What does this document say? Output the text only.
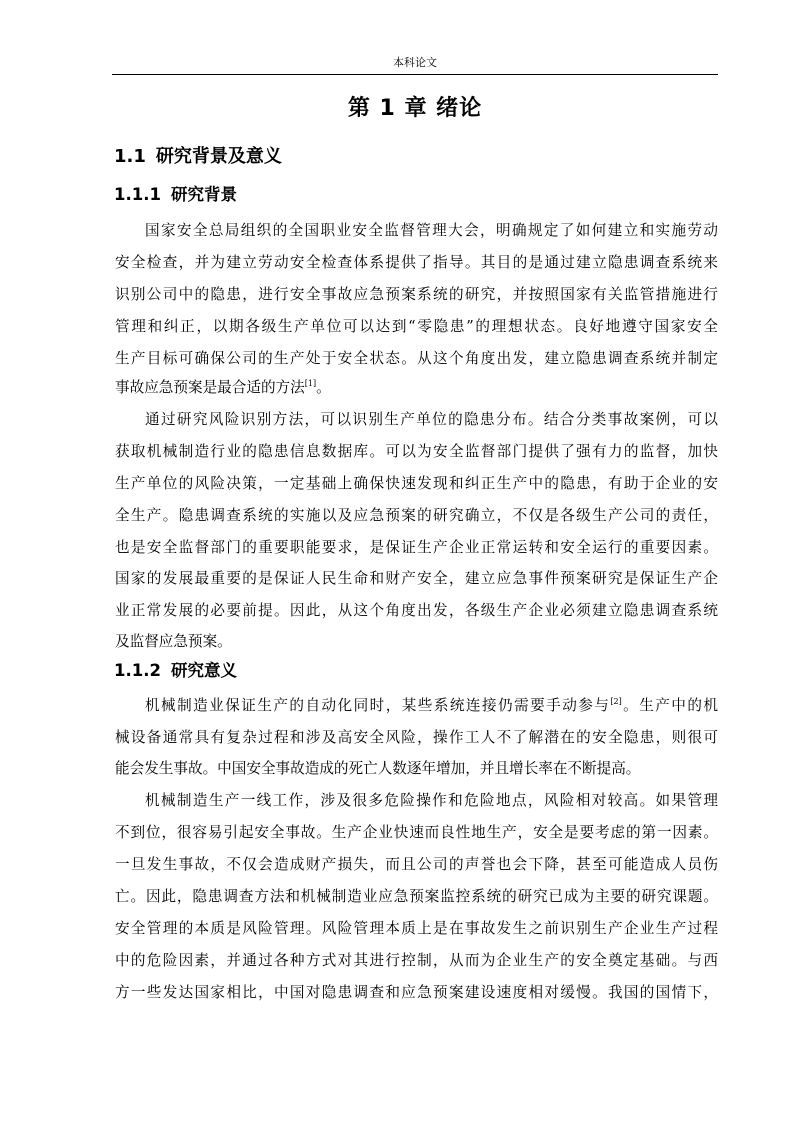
本科论文
第 1 章 绪论
1.1 研究背景及意义
1.1.1 研究背景
国家安全总局组织的全国职业安全监督管理大会，明确规定了如何建立和实施劳动
安全检查，并为建立劳动安全检查体系提供了指导。其目的是通过建立隐患调查系统来
识别公司中的隐患，进行安全事故应急预案系统的研究，并按照国家有关监管措施进行
管理和纠正，以期各级生产单位可以达到“零隐患”的理想状态。良好地遵守国家安全
生产目标可确保公司的生产处于安全状态。从这个角度出发，建立隐患调查系统并制定
事故应急预案是最合适的方法[1]。
通过研究风险识别方法，可以识别生产单位的隐患分布。结合分类事故案例，可以
获取机械制造行业的隐患信息数据库。可以为安全监督部门提供了强有力的监督，加快
生产单位的风险决策，一定基础上确保快速发现和纠正生产中的隐患，有助于企业的安
全生产。隐患调查系统的实施以及应急预案的研究确立，不仅是各级生产公司的责任，
也是安全监督部门的重要职能要求，是保证生产企业正常运转和安全运行的重要因素。
国家的发展最重要的是保证人民生命和财产安全，建立应急事件预案研究是保证生产企
业正常发展的必要前提。因此，从这个角度出发，各级生产企业必须建立隐患调查系统
及监督应急预案。
1.1.2 研究意义
机械制造业保证生产的自动化同时，某些系统连接仍需要手动参与[2]。生产中的机
械设备通常具有复杂过程和涉及高安全风险，操作工人不了解潜在的安全隐患，则很可
能会发生事故。中国安全事故造成的死亡人数逐年增加，并且增长率在不断提高。
机械制造生产一线工作，涉及很多危险操作和危险地点，风险相对较高。如果管理
不到位，很容易引起安全事故。生产企业快速而良性地生产，安全是要考虑的第一因素。
一旦发生事故，不仅会造成财产损失，而且公司的声誉也会下降，甚至可能造成人员伤
亡。因此，隐患调查方法和机械制造业应急预案监控系统的研究已成为主要的研究课题。
安全管理的本质是风险管理。风险管理本质上是在事故发生之前识别生产企业生产过程
中的危险因素，并通过各种方式对其进行控制，从而为企业生产的安全奠定基础。与西
方一些发达国家相比，中国对隐患调查和应急预案建设速度相对缓慢。我国的国情下，
